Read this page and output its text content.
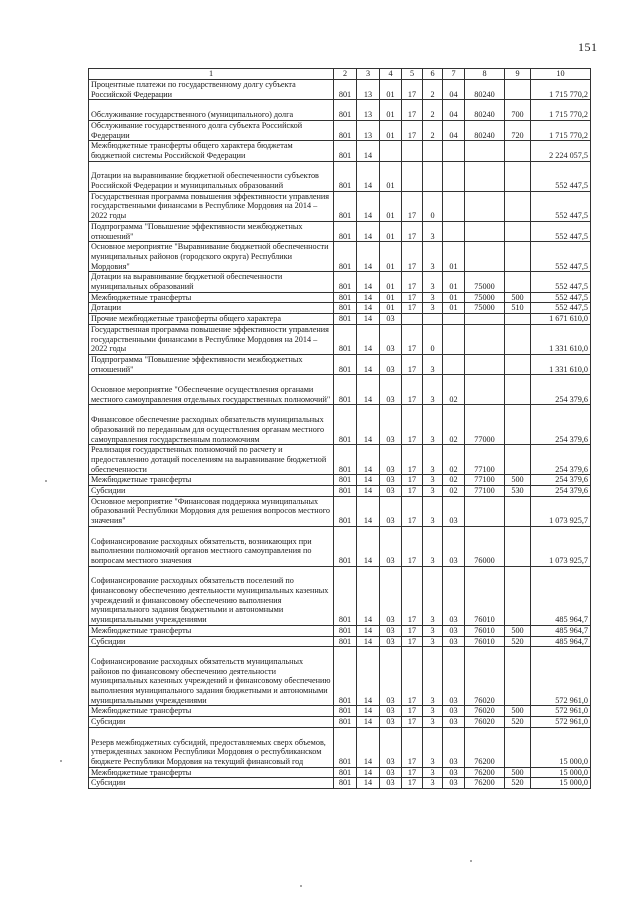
151
1	2	3	4	5	6	7	8	9	10
Процентные платежи по государственному долгу субъекта Российской Федерации	801	13	01	17	2	04	80240		1 715 770,2
Обслуживание государственного (муниципального) долга	801	13	01	17	2	04	80240	700	1 715 770,2
Обслуживание государственного долга субъекта Российской Федерации	801	13	01	17	2	04	80240	720	1 715 770,2
Межбюджетные трансферты общего характера бюджетам бюджетной системы Российской Федерации	801	14							2 224 057,5
Дотации на выравнивание бюджетной обеспеченности субъектов Российской Федерации и муниципальных образований	801	14	01						552 447,5
Государственная программа повышения эффективности управления государственными финансами в Республике Мордовия на 2014 – 2022 годы	801	14	01	17	0				552 447,5
Подпрограмма "Повышение эффективности межбюджетных отношений"	801	14	01	17	3				552 447,5
Основное мероприятие "Выравнивание бюджетной обеспеченности муниципальных районов (городского округа) Республики Мордовия"	801	14	01	17	3	01			552 447,5
Дотации на выравнивание бюджетной обеспеченности муниципальных образований	801	14	01	17	3	01	75000		552 447,5
Межбюджетные трансферты	801	14	01	17	3	01	75000	500	552 447,5
Дотации	801	14	01	17	3	01	75000	510	552 447,5
Прочие межбюджетные трансферты общего характера	801	14	03						1 671 610,0
Государственная программа повышение эффективности управления государственными финансами в Республике Мордовия на 2014 – 2022 годы	801	14	03	17	0				1 331 610,0
Подпрограмма "Повышение эффективности межбюджетных отношений"	801	14	03	17	3				1 331 610,0
Основное мероприятие "Обеспечение осуществления органами местного самоуправления отдельных государственных полномочий"	801	14	03	17	3	02			254 379,6
Финансовое обеспечение расходных обязательств муниципальных образований по переданным для осуществления органам местного самоуправления государственным полномочиям	801	14	03	17	3	02	77000		254 379,6
Реализация государственных полномочий по расчету и предоставлению дотаций поселениям на выравнивание бюджетной обеспеченности	801	14	03	17	3	02	77100		254 379,6
Межбюджетные трансферты	801	14	03	17	3	02	77100	500	254 379,6
Субсидии	801	14	03	17	3	02	77100	530	254 379,6
Основное мероприятие "Финансовая поддержка муниципальных образований Республики Мордовия для решения вопросов местного значения"	801	14	03	17	3	03			1 073 925,7
Софинансирование расходных обязательств, возникающих при выполнении полномочий органов местного самоуправления по вопросам местного значения	801	14	03	17	3	03	76000		1 073 925,7
Софинансирование расходных обязательств поселений по финансовому обеспечению деятельности муниципальных казенных учреждений и финансовому обеспечению выполнения муниципального задания бюджетными и автономными муниципальными учреждениями	801	14	03	17	3	03	76010		485 964,7
Межбюджетные трансферты	801	14	03	17	3	03	76010	500	485 964,7
Субсидии	801	14	03	17	3	03	76010	520	485 964,7
Софинансирование расходных обязательств муниципальных районов по финансовому обеспечению деятельности муниципальных казенных учреждений и финансовому обеспечению выполнения муниципального задания бюджетными и автономными муниципальными учреждениями	801	14	03	17	3	03	76020		572 961,0
Межбюджетные трансферты	801	14	03	17	3	03	76020	500	572 961,0
Субсидии	801	14	03	17	3	03	76020	520	572 961,0
Резерв межбюджетных субсидий, предоставляемых сверх объемов, утвержденных законом Республики Мордовия о республиканском бюджете Республики Мордовия на текущий финансовый год	801	14	03	17	3	03	76200		15 000,0
Межбюджетные трансферты	801	14	03	17	3	03	76200	500	15 000,0
Субсидии	801	14	03	17	3	03	76200	520	15 000,0
